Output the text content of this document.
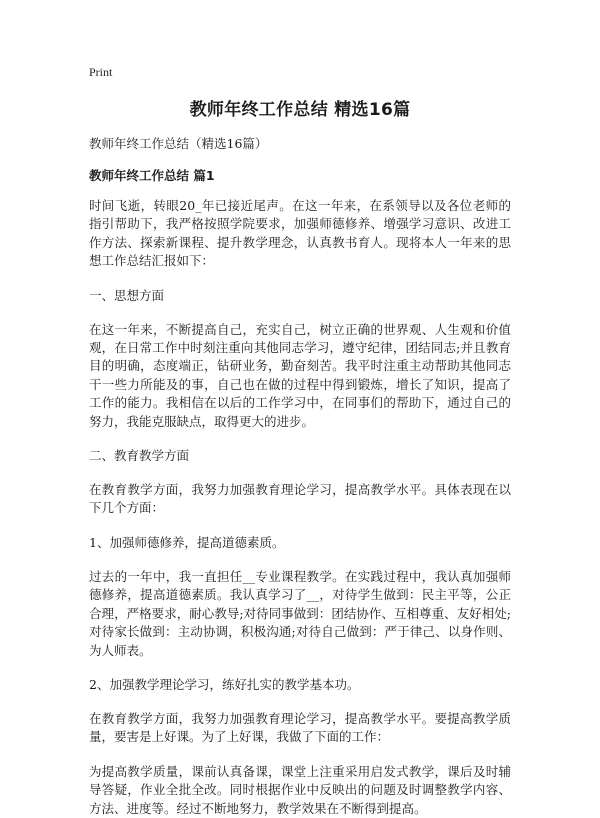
Print
教师年终工作总结 精选16篇
教师年终工作总结（精选16篇）
教师年终工作总结 篇1
时间飞逝，转眼20_年已接近尾声。在这一年来，在系领导以及各位老师的指引帮助下，我严格按照学院要求，加强师德修养、增强学习意识、改进工作方法、探索新课程、提升教学理念，认真教书育人。现将本人一年来的思想工作总结汇报如下：
一、思想方面
在这一年来，不断提高自己，充实自己，树立正确的世界观、人生观和价值观，在日常工作中时刻注重向其他同志学习，遵守纪律，团结同志;并且教育目的明确，态度端正，钻研业务，勤奋刻苦。我平时注重主动帮助其他同志干一些力所能及的事，自己也在做的过程中得到锻炼，增长了知识，提高了工作的能力。我相信在以后的工作学习中，在同事们的帮助下，通过自己的努力，我能克服缺点，取得更大的进步。
二、教育教学方面
在教育教学方面，我努力加强教育理论学习，提高教学水平。具体表现在以下几个方面：
1、加强师德修养，提高道德素质。
过去的一年中，我一直担任__专业课程教学。在实践过程中，我认真加强师德修养，提高道德素质。我认真学习了__，对待学生做到：民主平等，公正合理，严格要求，耐心教导;对待同事做到：团结协作、互相尊重、友好相处;对待家长做到：主动协调，积极沟通;对待自己做到：严于律己、以身作则、为人师表。
2、加强教学理论学习，练好扎实的教学基本功。
在教育教学方面，我努力加强教育理论学习，提高教学水平。要提高教学质量，要害是上好课。为了上好课，我做了下面的工作：
为提高教学质量，课前认真备课，课堂上注重采用启发式教学，课后及时辅导答疑，作业全批全改。同时根据作业中反映出的问题及时调整教学内容、方法、进度等。经过不断地努力，教学效果在不断得到提高。
